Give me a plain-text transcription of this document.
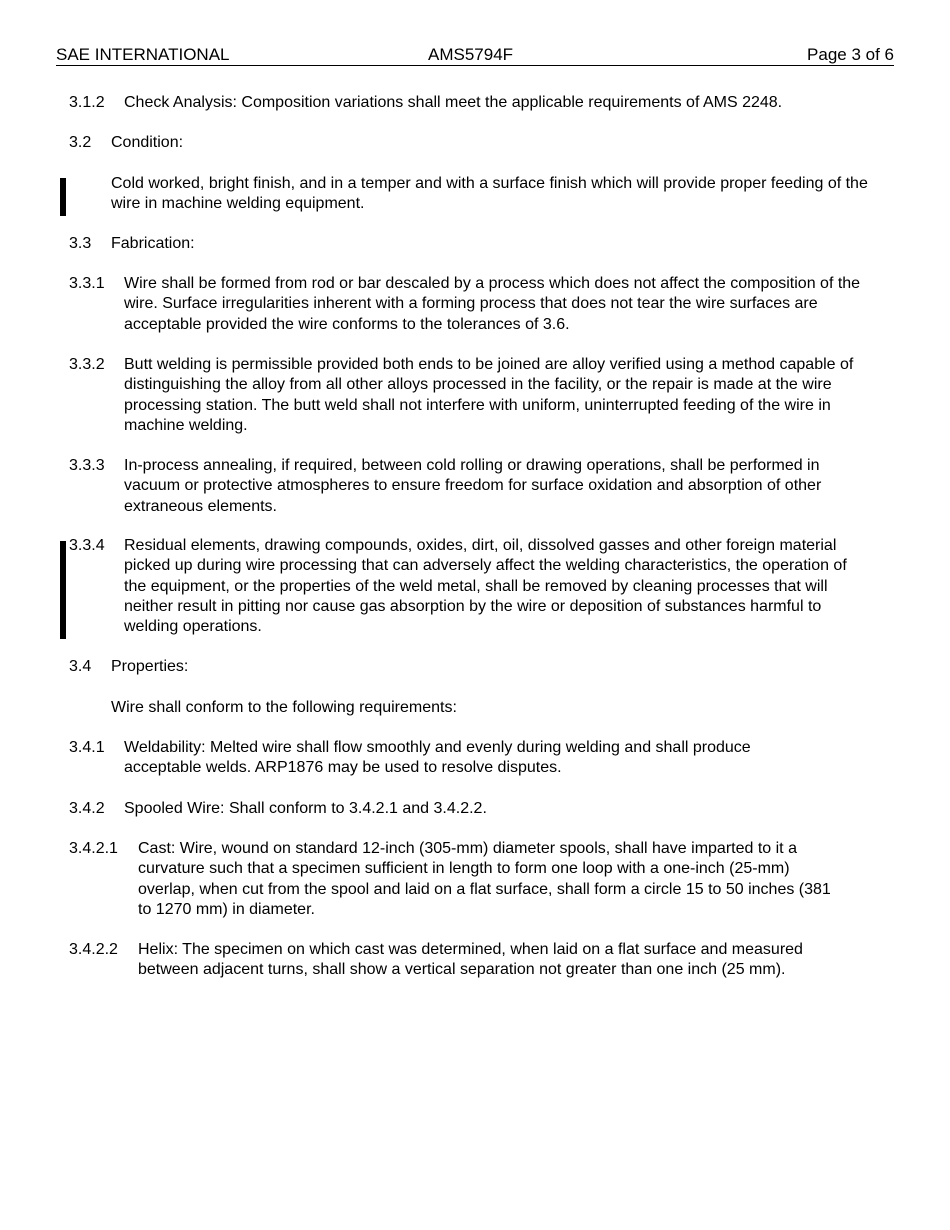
SAE INTERNATIONAL	AMS5794F	Page 3 of 6
3.1.2 Check Analysis: Composition variations shall meet the applicable requirements of AMS 2248.
3.2 Condition:
Cold worked, bright finish, and in a temper and with a surface finish which will provide proper feeding of the wire in machine welding equipment.
3.3 Fabrication:
3.3.1 Wire shall be formed from rod or bar descaled by a process which does not affect the composition of the wire. Surface irregularities inherent with a forming process that does not tear the wire surfaces are acceptable provided the wire conforms to the tolerances of 3.6.
3.3.2 Butt welding is permissible provided both ends to be joined are alloy verified using a method capable of distinguishing the alloy from all other alloys processed in the facility, or the repair is made at the wire processing station. The butt weld shall not interfere with uniform, uninterrupted feeding of the wire in machine welding.
3.3.3 In-process annealing, if required, between cold rolling or drawing operations, shall be performed in vacuum or protective atmospheres to ensure freedom for surface oxidation and absorption of other extraneous elements.
3.3.4 Residual elements, drawing compounds, oxides, dirt, oil, dissolved gasses and other foreign material picked up during wire processing that can adversely affect the welding characteristics, the operation of the equipment, or the properties of the weld metal, shall be removed by cleaning processes that will neither result in pitting nor cause gas absorption by the wire or deposition of substances harmful to welding operations.
3.4 Properties:
Wire shall conform to the following requirements:
3.4.1 Weldability: Melted wire shall flow smoothly and evenly during welding and shall produce acceptable welds. ARP1876 may be used to resolve disputes.
3.4.2 Spooled Wire: Shall conform to 3.4.2.1 and 3.4.2.2.
3.4.2.1 Cast: Wire, wound on standard 12-inch (305-mm) diameter spools, shall have imparted to it a curvature such that a specimen sufficient in length to form one loop with a one-inch (25-mm) overlap, when cut from the spool and laid on a flat surface, shall form a circle 15 to 50 inches (381 to 1270 mm) in diameter.
3.4.2.2 Helix: The specimen on which cast was determined, when laid on a flat surface and measured between adjacent turns, shall show a vertical separation not greater than one inch (25 mm).
